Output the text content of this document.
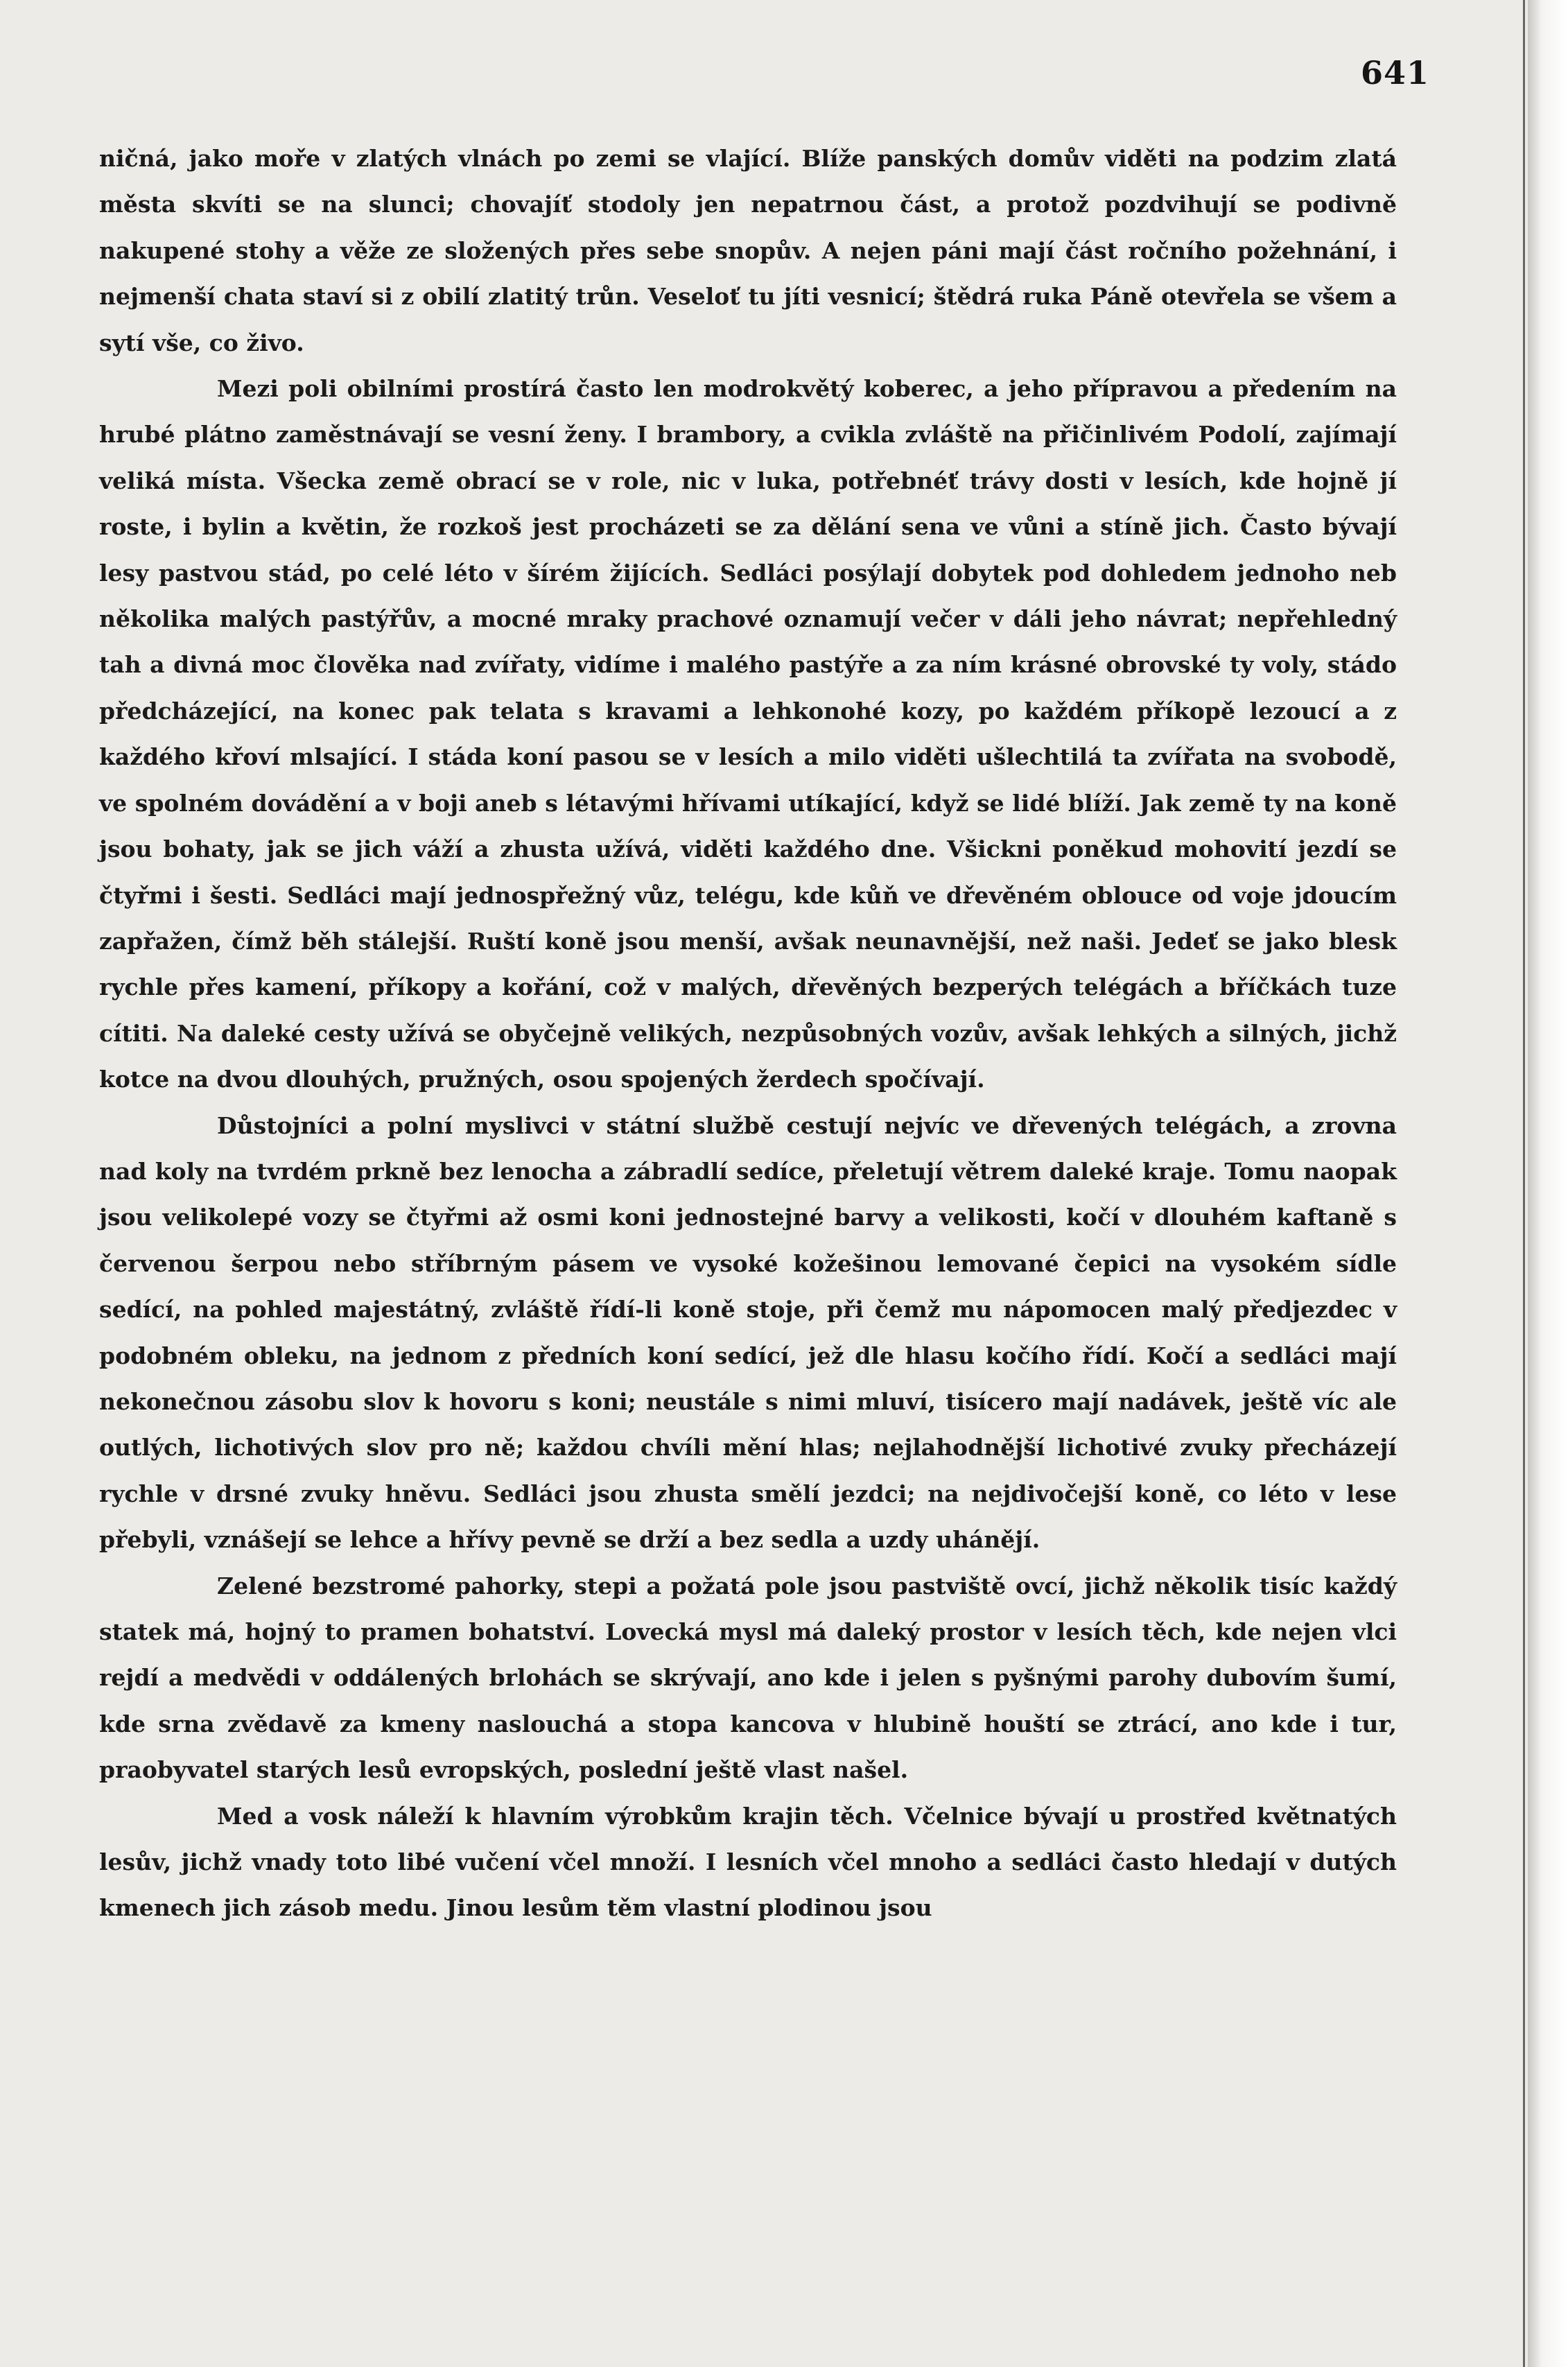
641

ničná, jako moře v zlatých vlnách po zemi se vlající. Blíže panských domův viděti na podzim zlatá města skvíti se na slunci; chovajíť stodoly jen nepatrnou část, a protož pozdvihují se podivně nakupené stohy a věže ze složených přes sebe snopův. A nejen páni mají část ročního požehnání, i nejmenší chata staví si z obilí zlatitý trůn. Veseloť tu jíti vesnicí; štědrá ruka Páně otevřela se všem a sytí vše, co živo.

Mezi poli obilními prostírá často len modrokvětý koberec, a jeho přípravou a předením na hrubé plátno zaměstnávají se vesní ženy. I brambory, a cvikla zvláště na přičinlivém Podolí, zajímají veliká místa. Všecka země obrací se v role, nic v luka, potřebnéť trávy dosti v lesích, kde hojně jí roste, i bylin a květin, že rozkoš jest procházeti se za dělání sena ve vůni a stíně jich. Často bývají lesy pastvou stád, po celé léto v šírém žijících. Sedláci posýlají dobytek pod dohledem jednoho neb několika malých pastýřův, a mocné mraky prachové oznamují večer v dáli jeho návrat; nepřehledný tah a divná moc člověka nad zvířaty, vidíme i malého pastýře a za ním krásné obrovské ty voly, stádo předcházející, na konec pak telata s kravami a lehkonohé kozy, po každém příkopě lezoucí a z každého křoví mlsající. I stáda koní pasou se v lesích a milo viděti ušlechtilá ta zvířata na svobodě, ve spolném dovádění a v boji aneb s létavými hřívami utíkající, když se lidé blíží. Jak země ty na koně jsou bohaty, jak se jich váží a zhusta užívá, viděti každého dne. Všickni poněkud mohovití jezdí se čtyřmi i šesti. Sedláci mají jednospřežný vůz, telégu, kde kůň ve dřevěném oblouce od voje jdoucím zapřažen, čímž běh stálejší. Ruští koně jsou menší, avšak neunavnější, než naši. Jedeť se jako blesk rychle přes kamení, příkopy a kořání, což v malých, dřevěných bezperých telégách a bříčkách tuze cítiti. Na daleké cesty užívá se obyčejně velikých, nezpůsobných vozův, avšak lehkých a silných, jichž kotce na dvou dlouhých, pružných, osou spojených žerdech spočívají.

Důstojníci a polní myslivci v státní službě cestují nejvíc ve dřevených telégách, a zrovna nad koly na tvrdém prkně bez lenocha a zábradlí sedíce, přeletují větrem daleké kraje. Tomu naopak jsou velikolepé vozy se čtyřmi až osmi koni jednostejné barvy a velikosti, kočí v dlouhém kaftaně s červenou šerpou nebo stříbrným pásem ve vysoké kožešinou lemované čepici na vysokém sídle sedící, na pohled majestátný, zvláště řídí-li koně stoje, při čemž mu nápomocen malý předjezdec v podobném obleku, na jednom z předních koní sedící, jež dle hlasu kočího řídí. Kočí a sedláci mají nekonečnou zásobu slov k hovoru s koni; neustále s nimi mluví, tisícero mají nadávek, ještě víc ale outlých, lichotivých slov pro ně; každou chvíli mění hlas; nejlahodnější lichotivé zvuky přecházejí rychle v drsné zvuky hněvu. Sedláci jsou zhusta smělí jezdci; na nejdivočejší koně, co léto v lese přebyli, vznášejí se lehce a hřívy pevně se drží a bez sedla a uzdy uhánějí.

Zelené bezstromé pahorky, stepi a požatá pole jsou pastviště ovcí, jichž několik tisíc každý statek má, hojný to pramen bohatství. Lovecká mysl má daleký prostor v lesích těch, kde nejen vlci rejdí a medvědi v oddálených brlohách se skrývají, ano kde i jelen s pyšnými parohy dubovím šumí, kde srna zvědavě za kmeny naslouchá a stopa kancova v hlubině houští se ztrácí, ano kde i tur, praobyvatel starých lesů evropských, poslední ještě vlast našel.

Med a vosk náleží k hlavním výrobkům krajin těch. Včelnice bývají u prostřed květnatých lesův, jichž vnady toto libé vučení včel množí. I lesních včel mnoho a sedláci často hledají v dutých kmenech jich zásob medu. Jinou lesům těm vlastní plodinou jsou
